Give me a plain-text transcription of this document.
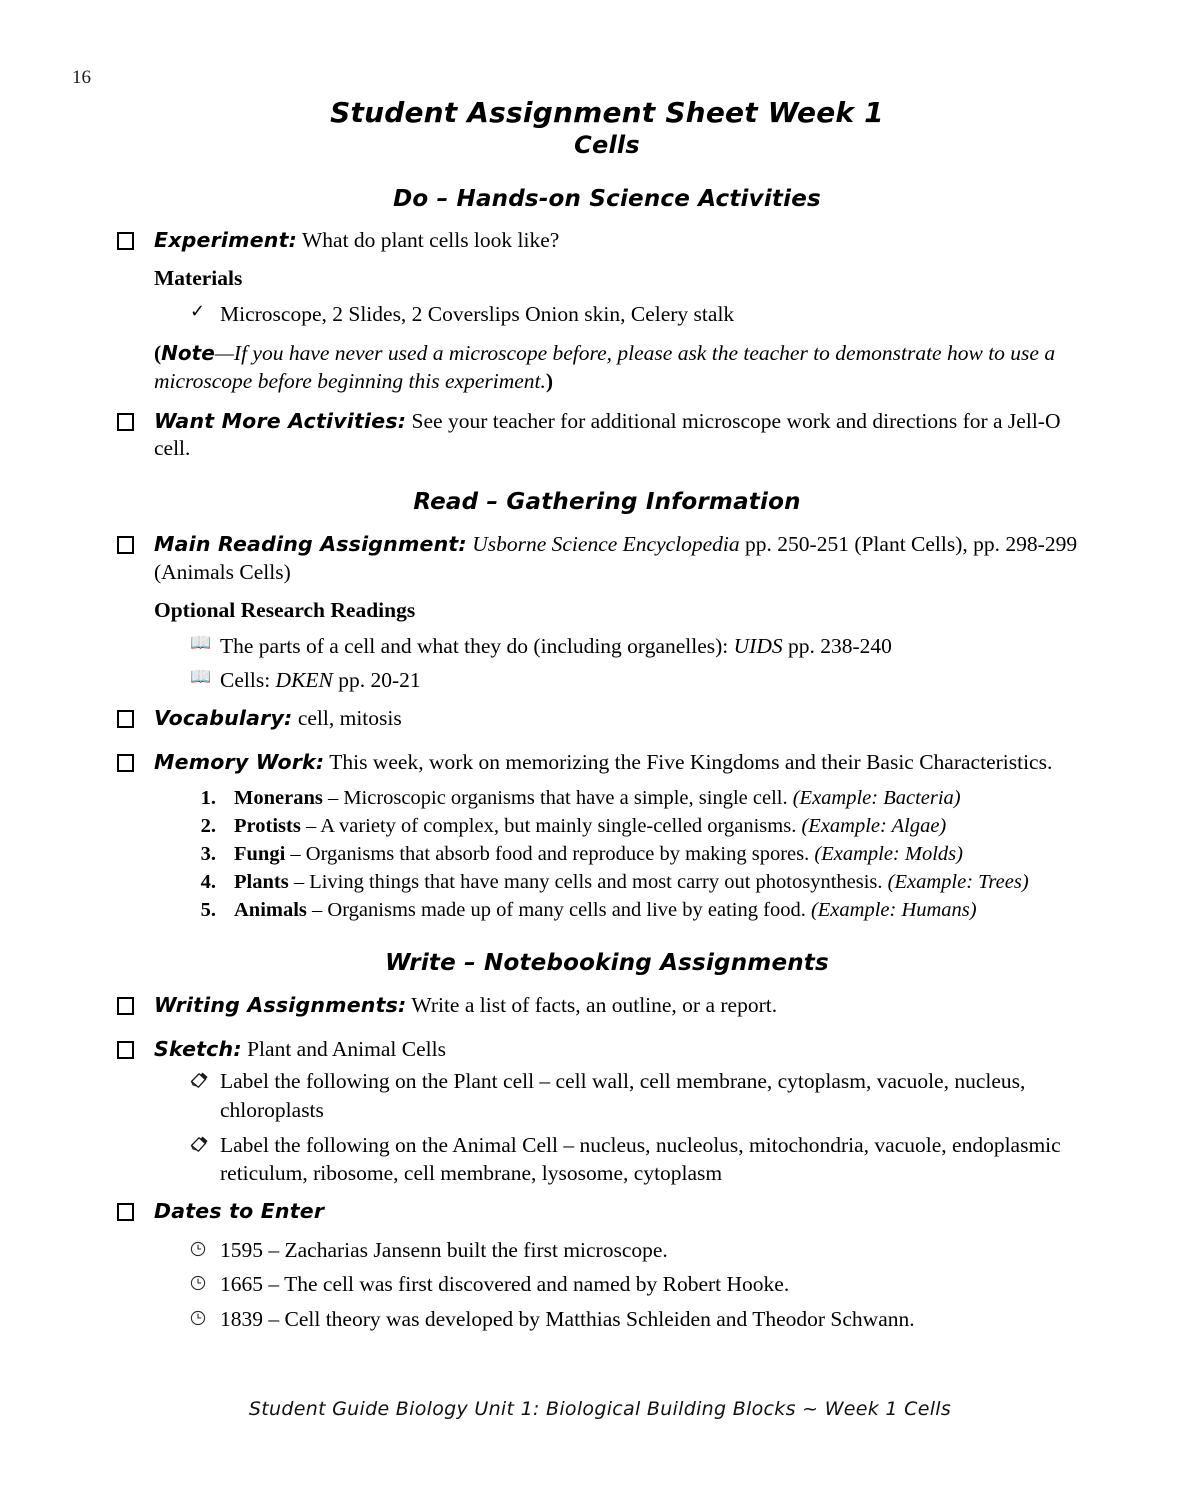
16
Student Assignment Sheet Week 1
Cells
Do – Hands-on Science Activities
Experiment: What do plant cells look like?
Materials
✓ Microscope, 2 Slides, 2 Coverslips Onion skin, Celery stalk
(Note—If you have never used a microscope before, please ask the teacher to demonstrate how to use a microscope before beginning this experiment.)
Want More Activities: See your teacher for additional microscope work and directions for a Jell-O cell.
Read – Gathering Information
Main Reading Assignment: Usborne Science Encyclopedia pp. 250-251 (Plant Cells), pp. 298-299 (Animals Cells)
Optional Research Readings
📖 The parts of a cell and what they do (including organelles): UIDS pp. 238-240
📖 Cells: DKEN pp. 20-21
Vocabulary: cell, mitosis
Memory Work: This week, work on memorizing the Five Kingdoms and their Basic Characteristics.
1. Monerans – Microscopic organisms that have a simple, single cell. (Example: Bacteria)
2. Protists – A variety of complex, but mainly single-celled organisms. (Example: Algae)
3. Fungi – Organisms that absorb food and reproduce by making spores. (Example: Molds)
4. Plants – Living things that have many cells and most carry out photosynthesis. (Example: Trees)
5. Animals – Organisms made up of many cells and live by eating food. (Example: Humans)
Write – Notebooking Assignments
Writing Assignments: Write a list of facts, an outline, or a report.
Sketch: Plant and Animal Cells
Label the following on the Plant cell – cell wall, cell membrane, cytoplasm, vacuole, nucleus, chloroplasts
Label the following on the Animal Cell – nucleus, nucleolus, mitochondria, vacuole, endoplasmic reticulum, ribosome, cell membrane, lysosome, cytoplasm
Dates to Enter
1595 – Zacharias Jansenn built the first microscope.
1665 – The cell was first discovered and named by Robert Hooke.
1839 – Cell theory was developed by Matthias Schleiden and Theodor Schwann.
Student Guide Biology Unit 1: Biological Building Blocks ~ Week 1 Cells
